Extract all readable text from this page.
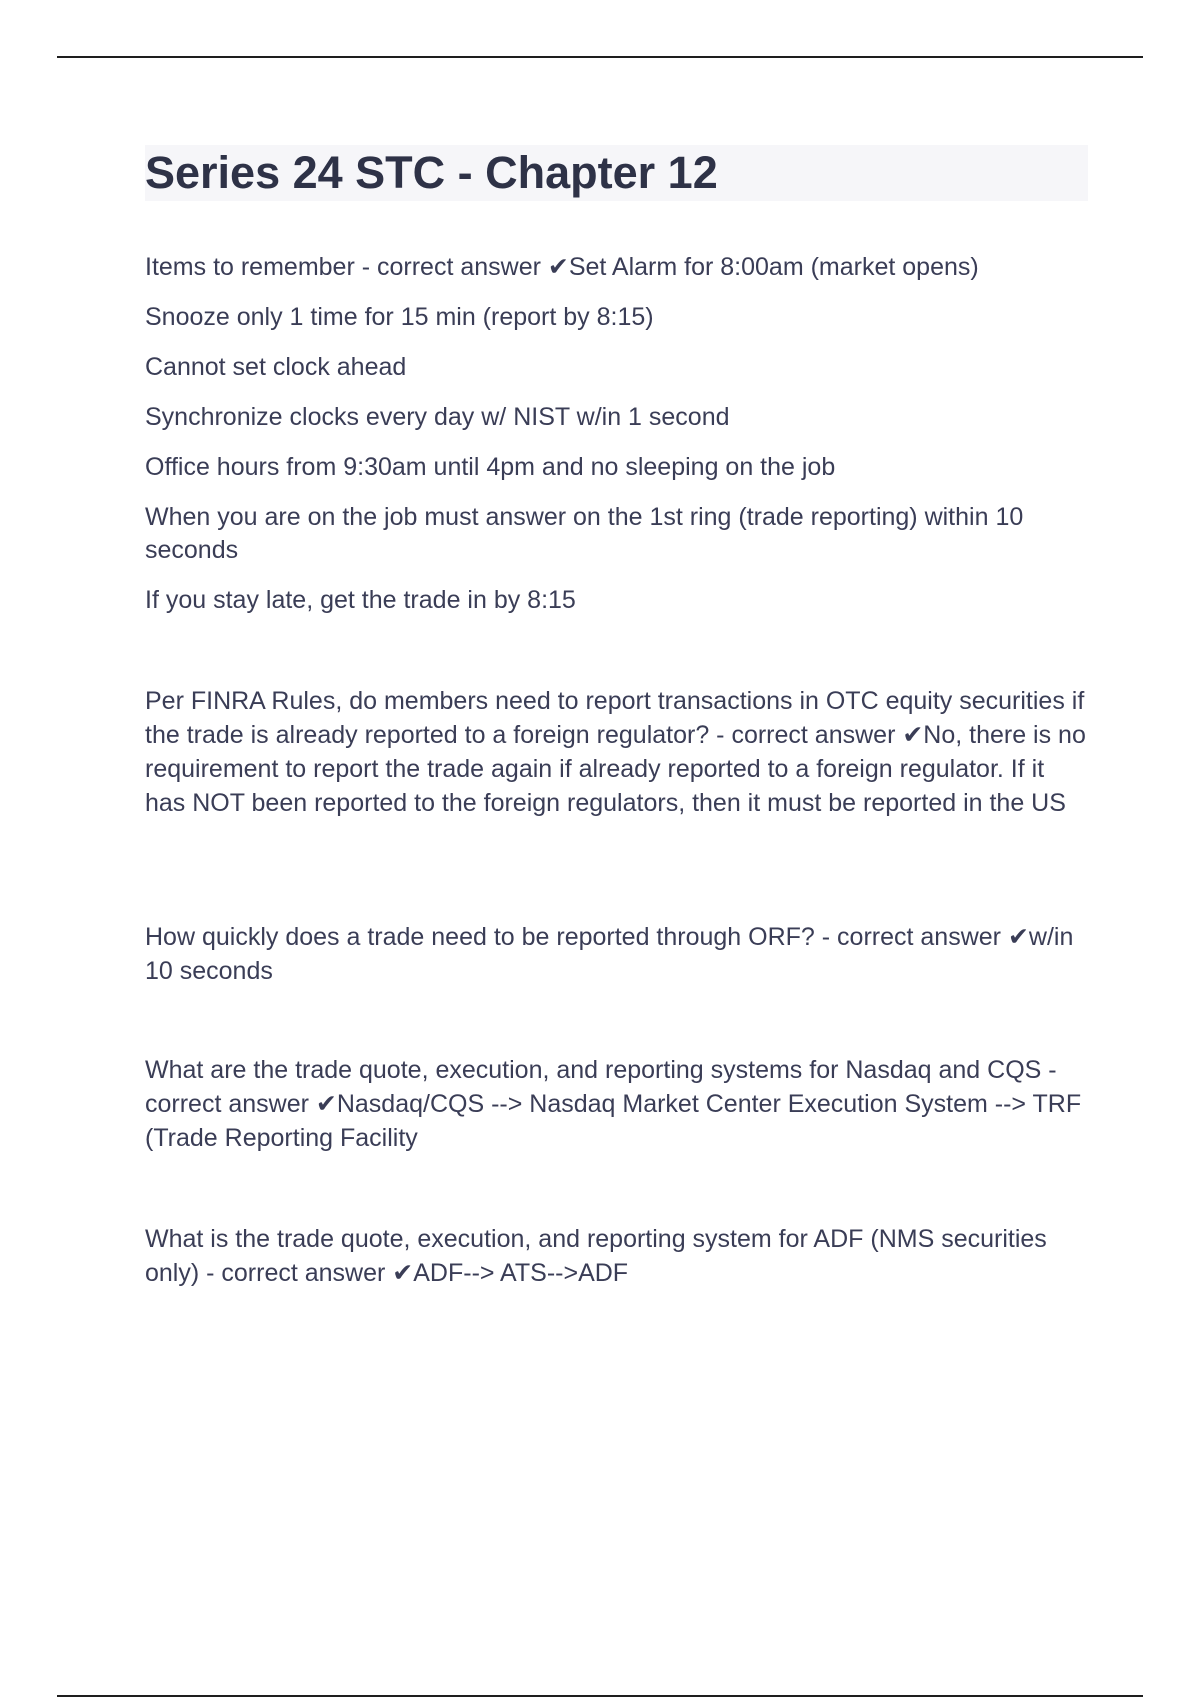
Series 24 STC - Chapter 12

Items to remember - correct answer ✔Set Alarm for 8:00am (market opens)

Snooze only 1 time for 15 min (report by 8:15)

Cannot set clock ahead

Synchronize clocks every day w/ NIST w/in 1 second

Office hours from 9:30am until 4pm and no sleeping on the job

When you are on the job must answer on the 1st ring (trade reporting) within 10 seconds

If you stay late, get the trade in by 8:15

Per FINRA Rules, do members need to report transactions in OTC equity securities if the trade is already reported to a foreign regulator? - correct answer ✔No, there is no requirement to report the trade again if already reported to a foreign regulator. If it has NOT been reported to the foreign regulators, then it must be reported in the US

How quickly does a trade need to be reported through ORF? - correct answer ✔w/in 10 seconds

What are the trade quote, execution, and reporting systems for Nasdaq and CQS - correct answer ✔Nasdaq/CQS --> Nasdaq Market Center Execution System --> TRF (Trade Reporting Facility

What is the trade quote, execution, and reporting system for ADF (NMS securities only) - correct answer ✔ADF--> ATS-->ADF
